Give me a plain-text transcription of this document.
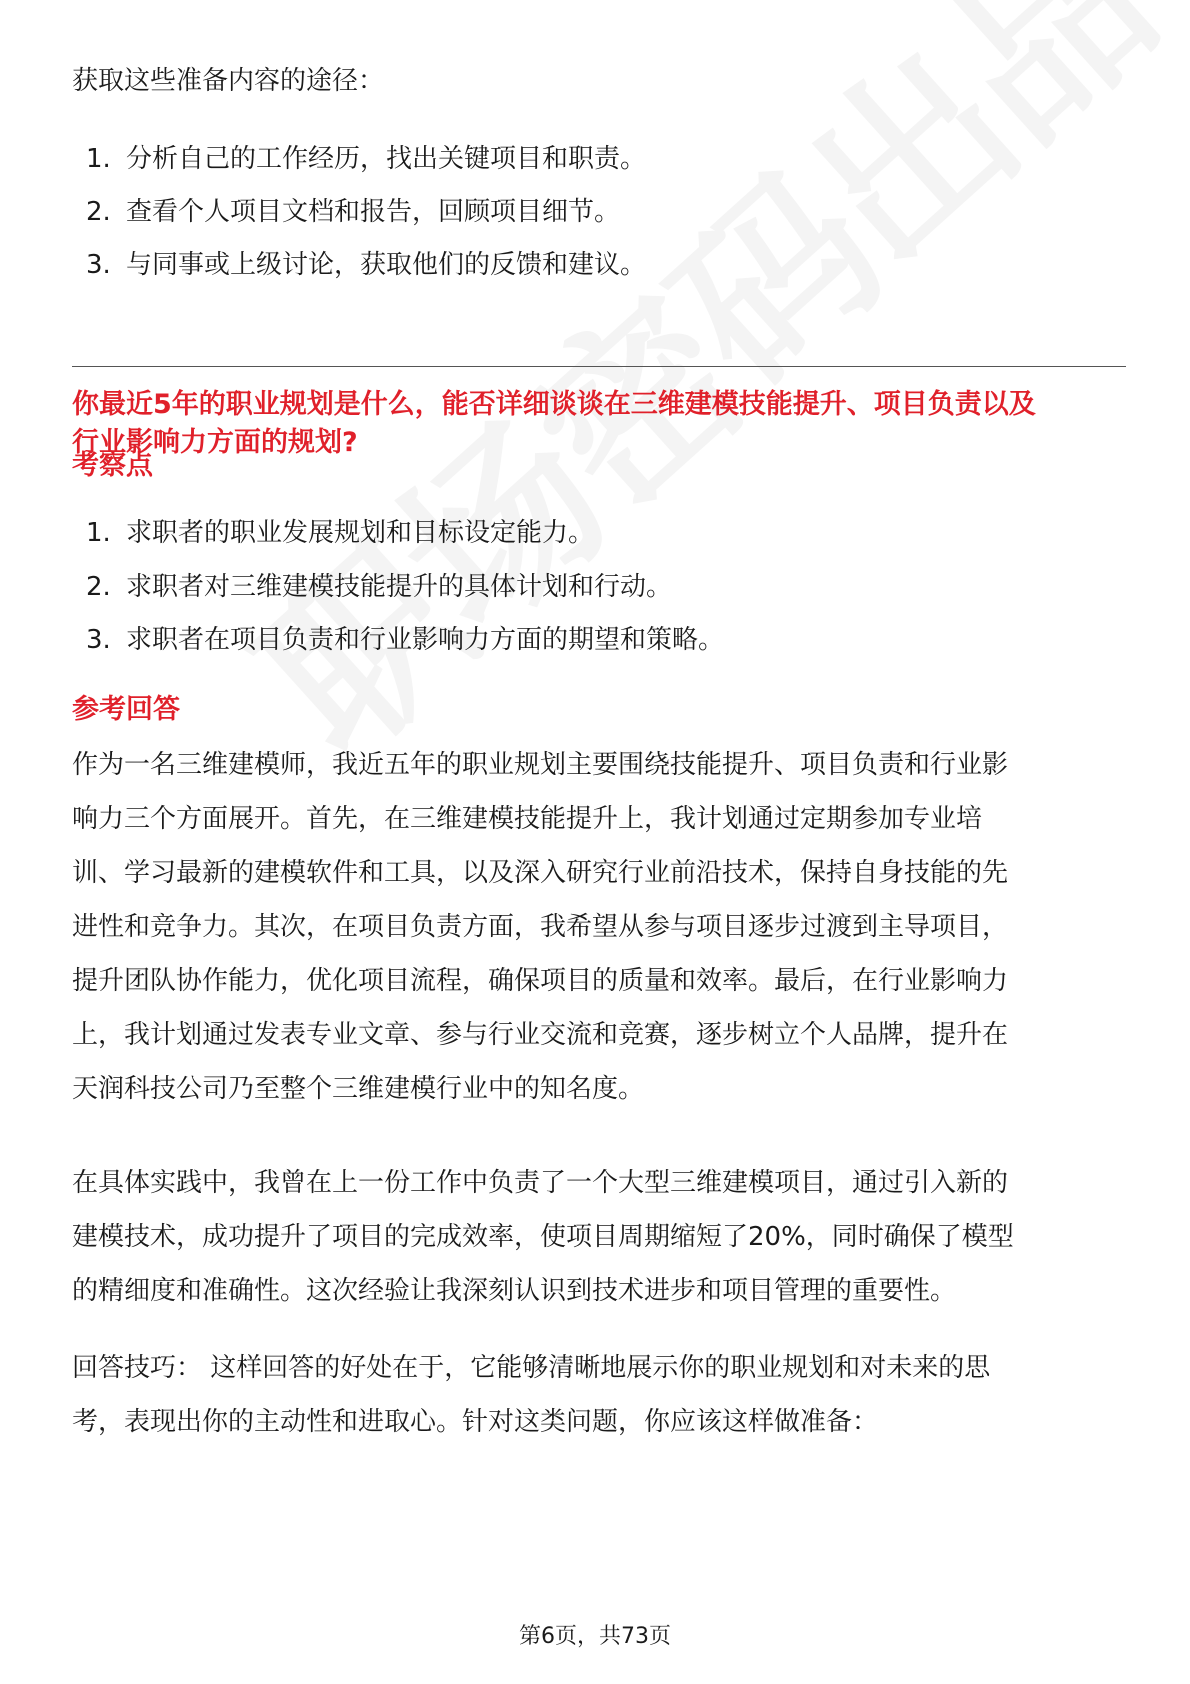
获取这些准备内容的途径：
1. 分析自己的工作经历，找出关键项目和职责。
2. 查看个人项目文档和报告，回顾项目细节。
3. 与同事或上级讨论，获取他们的反馈和建议。
你最近5年的职业规划是什么，能否详细谈谈在三维建模技能提升、项目负责以及
行业影响力方面的规划?
考察点
1. 求职者的职业发展规划和目标设定能力。
2. 求职者对三维建模技能提升的具体计划和行动。
3. 求职者在项目负责和行业影响力方面的期望和策略。
参考回答
作为一名三维建模师，我近五年的职业规划主要围绕技能提升、项目负责和行业影
响力三个方面展开。首先，在三维建模技能提升上，我计划通过定期参加专业培
训、学习最新的建模软件和工具，以及深入研究行业前沿技术，保持自身技能的先
进性和竞争力。其次，在项目负责方面，我希望从参与项目逐步过渡到主导项目，
提升团队协作能力，优化项目流程，确保项目的质量和效率。最后，在行业影响力
上，我计划通过发表专业文章、参与行业交流和竞赛，逐步树立个人品牌，提升在
天润科技公司乃至整个三维建模行业中的知名度。
在具体实践中，我曾在上一份工作中负责了一个大型三维建模项目，通过引入新的
建模技术，成功提升了项目的完成效率，使项目周期缩短了20%，同时确保了模型
的精细度和准确性。这次经验让我深刻认识到技术进步和项目管理的重要性。
回答技巧： 这样回答的好处在于，它能够清晰地展示你的职业规划和对未来的思
考，表现出你的主动性和进取心。针对这类问题，你应该这样做准备：
第6页，共73页
